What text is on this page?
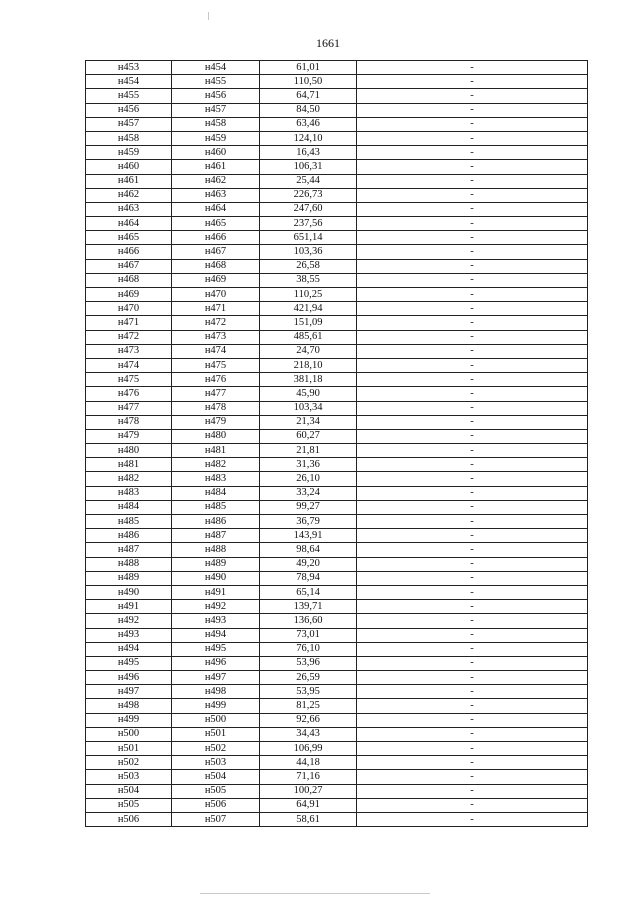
1661
н453	н454	61,01	-
н454	н455	110,50	-
н455	н456	64,71	-
н456	н457	84,50	-
н457	н458	63,46	-
н458	н459	124,10	-
н459	н460	16,43	-
н460	н461	106,31	-
н461	н462	25,44	-
н462	н463	226,73	-
н463	н464	247,60	-
н464	н465	237,56	-
н465	н466	651,14	-
н466	н467	103,36	-
н467	н468	26,58	-
н468	н469	38,55	-
н469	н470	110,25	-
н470	н471	421,94	-
н471	н472	151,09	-
н472	н473	485,61	-
н473	н474	24,70	-
н474	н475	218,10	-
н475	н476	381,18	-
н476	н477	45,90	-
н477	н478	103,34	-
н478	н479	21,34	-
н479	н480	60,27	-
н480	н481	21,81	-
н481	н482	31,36	-
н482	н483	26,10	-
н483	н484	33,24	-
н484	н485	99,27	-
н485	н486	36,79	-
н486	н487	143,91	-
н487	н488	98,64	-
н488	н489	49,20	-
н489	н490	78,94	-
н490	н491	65,14	-
н491	н492	139,71	-
н492	н493	136,60	-
н493	н494	73,01	-
н494	н495	76,10	-
н495	н496	53,96	-
н496	н497	26,59	-
н497	н498	53,95	-
н498	н499	81,25	-
н499	н500	92,66	-
н500	н501	34,43	-
н501	н502	106,99	-
н502	н503	44,18	-
н503	н504	71,16	-
н504	н505	100,27	-
н505	н506	64,91	-
н506	н507	58,61	-
